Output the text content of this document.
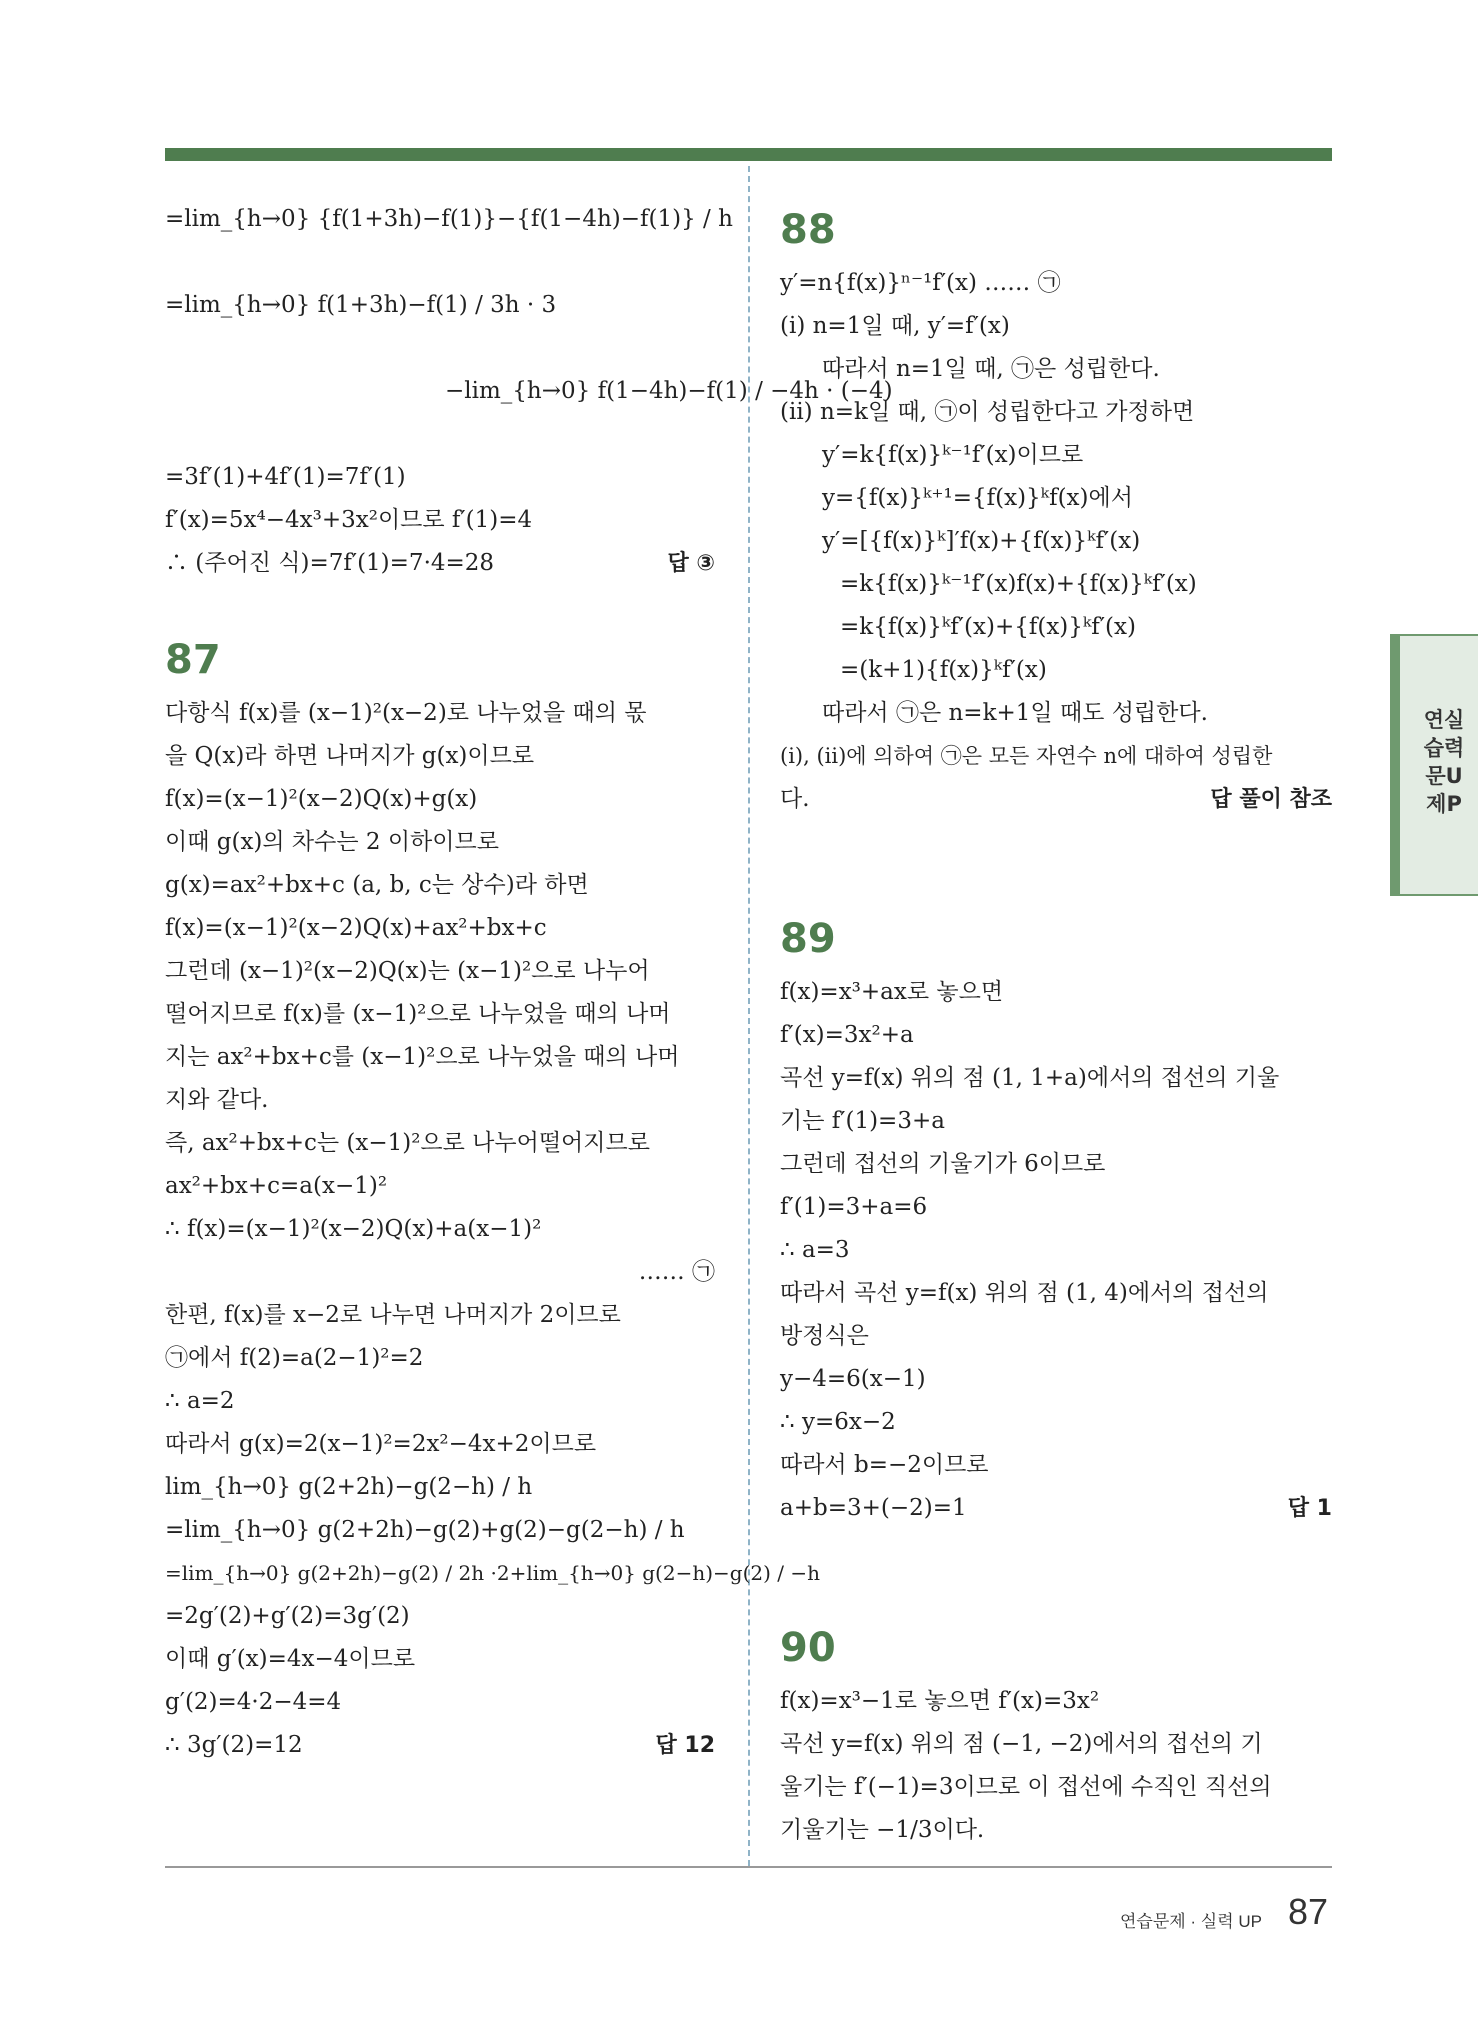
=lim_{h→0} {f(1+3h)−f(1)}−{f(1−4h)−f(1)} / h
=lim_{h→0} f(1+3h)−f(1) / 3h · 3
−lim_{h→0} f(1−4h)−f(1) / −4h · (−4)
=3f′(1)+4f′(1)=7f′(1)
f′(x)=5x⁴−4x³+3x²이므로 f′(1)=4
∴ (주어진 식)=7f′(1)=7·4=28	답 ③
87
다항식 f(x)를 (x−1)²(x−2)로 나누었을 때의 몫
을 Q(x)라 하면 나머지가 g(x)이므로
f(x)=(x−1)²(x−2)Q(x)+g(x)
이때 g(x)의 차수는 2 이하이므로
g(x)=ax²+bx+c (a, b, c는 상수)라 하면
f(x)=(x−1)²(x−2)Q(x)+ax²+bx+c
그런데 (x−1)²(x−2)Q(x)는 (x−1)²으로 나누어
떨어지므로 f(x)를 (x−1)²으로 나누었을 때의 나머
지는 ax²+bx+c를 (x−1)²으로 나누었을 때의 나머
지와 같다.
즉, ax²+bx+c는 (x−1)²으로 나누어떨어지므로
ax²+bx+c=a(x−1)²
∴ f(x)=(x−1)²(x−2)Q(x)+a(x−1)²
…… ㉠
한편, f(x)를 x−2로 나누면 나머지가 2이므로
㉠에서 f(2)=a(2−1)²=2
∴ a=2
따라서 g(x)=2(x−1)²=2x²−4x+2이므로
lim_{h→0} g(2+2h)−g(2−h) / h
=lim_{h→0} g(2+2h)−g(2)+g(2)−g(2−h) / h
=lim_{h→0} g(2+2h)−g(2) / 2h ·2+lim_{h→0} g(2−h)−g(2) / −h
=2g′(2)+g′(2)=3g′(2)
이때 g′(x)=4x−4이므로
g′(2)=4·2−4=4
∴ 3g′(2)=12	답 12
88
y′=n{f(x)}ⁿ⁻¹f′(x) …… ㉠
(ⅰ) n=1일 때, y′=f′(x)
따라서 n=1일 때, ㉠은 성립한다.
(ⅱ) n=k일 때, ㉠이 성립한다고 가정하면
y′=k{f(x)}ᵏ⁻¹f′(x)이므로
y={f(x)}ᵏ⁺¹={f(x)}ᵏf(x)에서
y′=[{f(x)}ᵏ]′f(x)+{f(x)}ᵏf′(x)
=k{f(x)}ᵏ⁻¹f′(x)f(x)+{f(x)}ᵏf′(x)
=k{f(x)}ᵏf′(x)+{f(x)}ᵏf′(x)
=(k+1){f(x)}ᵏf′(x)
따라서 ㉠은 n=k+1일 때도 성립한다.
(ⅰ), (ⅱ)에 의하여 ㉠은 모든 자연수 n에 대하여 성립한
다.	답 풀이 참조
89
f(x)=x³+ax로 놓으면
f′(x)=3x²+a
곡선 y=f(x) 위의 점 (1, 1+a)에서의 접선의 기울
기는 f′(1)=3+a
그런데 접선의 기울기가 6이므로
f′(1)=3+a=6
∴ a=3
따라서 곡선 y=f(x) 위의 점 (1, 4)에서의 접선의
방정식은
y−4=6(x−1)
∴ y=6x−2
따라서 b=−2이므로
a+b=3+(−2)=1	답 1
90
f(x)=x³−1로 놓으면 f′(x)=3x²
곡선 y=f(x) 위의 점 (−1, −2)에서의 접선의 기
울기는 f′(−1)=3이므로 이 접선에 수직인 직선의
기울기는 −1/3이다.
연실
습력
문U
제P
연습문제 · 실력 UP 87
